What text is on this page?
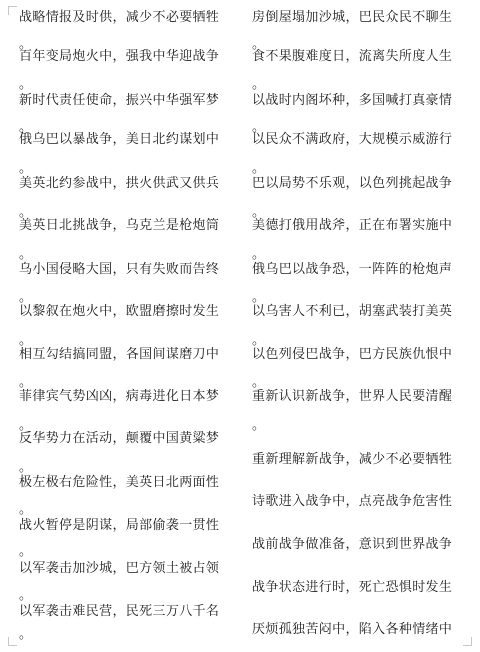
战略情报及时供，减少不必要牺牲
。
百年变局炮火中，强我中华迎战争
。
新时代责任使命，振兴中华强军梦
。
俄乌巴以暴战争，美日北约谋划中
。
美英北约参战中，拱火供武又供兵
。
美英日北挑战争，乌克兰是枪炮筒
。
乌小国侵略大国，只有失败而告终
。
以黎叙在炮火中，欧盟磨擦时发生
。
相互勾结搞同盟，各国间谋磨刀中
。
菲律宾气势凶凶，病毒进化日本梦
。
反华势力在活动，颠覆中国黄粱梦
。
极左极右危险性，美英日北两面性
。
战火暂停是阴谋，局部偷袭一贯性
。
以军袭击加沙城，巴方领土被占领
。
以军袭击难民营，民死三万八千名
。
房倒屋塌加沙城，巴民众民不聊生
。
食不果腹难度日，流离失所度人生
。
以战时内阁坏种，多国喊打真豪情
。
以民众不满政府，大规模示威游行
。
巴以局势不乐观，以色列挑起战争
。
美德打俄用战斧，正在布署实施中
。
俄乌巴以战争恐，一阵阵的枪炮声
。
以乌害人不利已，胡塞武装打美英
。
以色列侵巴战争，巴方民族仇恨中
。
重新认识新战争，世界人民要清醒
。
重新理解新战争，减少不必要牺牲
诗歌进入战争中，点亮战争危害性
战前战争做准备，意识到世界战争
战争状态进行时，死亡恐惧时发生
厌烦孤独苦闷中，陷入各种情绪中
